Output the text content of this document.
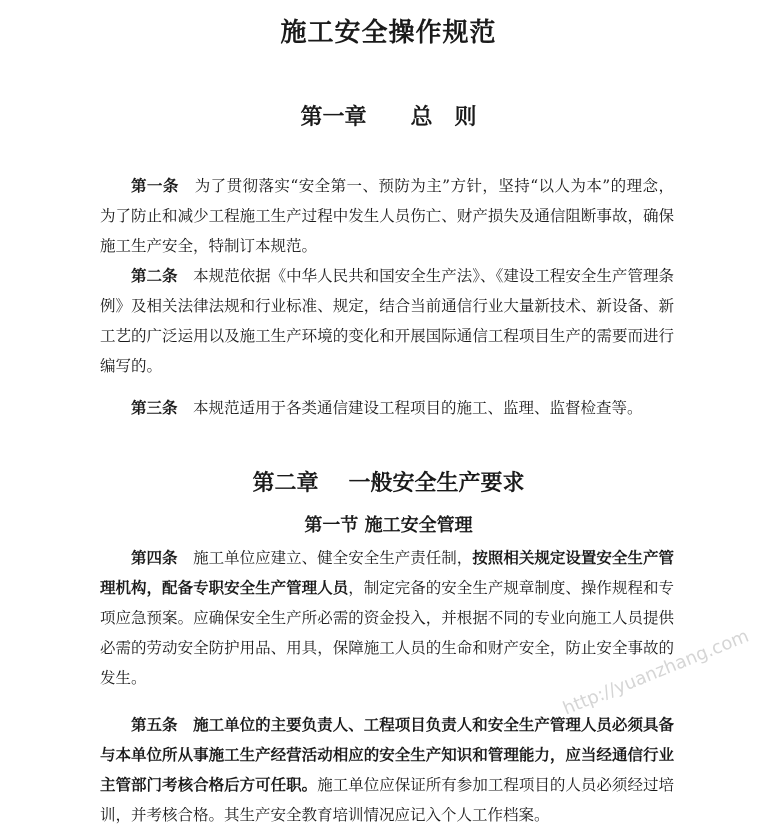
施工安全操作规范
第一章 总　则
第一条　 为了贯彻落实“安全第一、预防为主”方针，坚持“以人为本”的理念，为了防止和减少工程施工生产过程中发生人员伤亡、财产损失及通信阻断事故，确保施工生产安全，特制订本规范。
第二条　 本规范依据《中华人民共和国安全生产法》、《建设工程安全生产管理条例》及相关法律法规和行业标准、规定，结合当前通信行业大量新技术、新设备、新工艺的广泛运用以及施工生产环境的变化和开展国际通信工程项目生产的需要而进行编写的。
第三条　 本规范适用于各类通信建设工程项目的施工、监理、监督检查等。
第二章 一般安全生产要求
第一节 施工安全管理
第四条　 施工单位应建立、健全安全生产责任制，按照相关规定设置安全生产管理机构，配备专职安全生产管理人员，制定完备的安全生产规章制度、操作规程和专项应急预案。应确保安全生产所必需的资金投入，并根据不同的专业向施工人员提供必需的劳动安全防护用品、用具，保障施工人员的生命和财产安全，防止安全事故的发生。
第五条　 施工单位的主要负责人、工程项目负责人和安全生产管理人员必须具备与本单位所从事施工生产经营活动相应的安全生产知识和管理能力，应当经通信行业主管部门考核合格后方可任职。施工单位应保证所有参加工程项目的人员必须经过培训，并考核合格。其生产安全教育培训情况应记入个人工作档案。
http://yuanzhang.com
